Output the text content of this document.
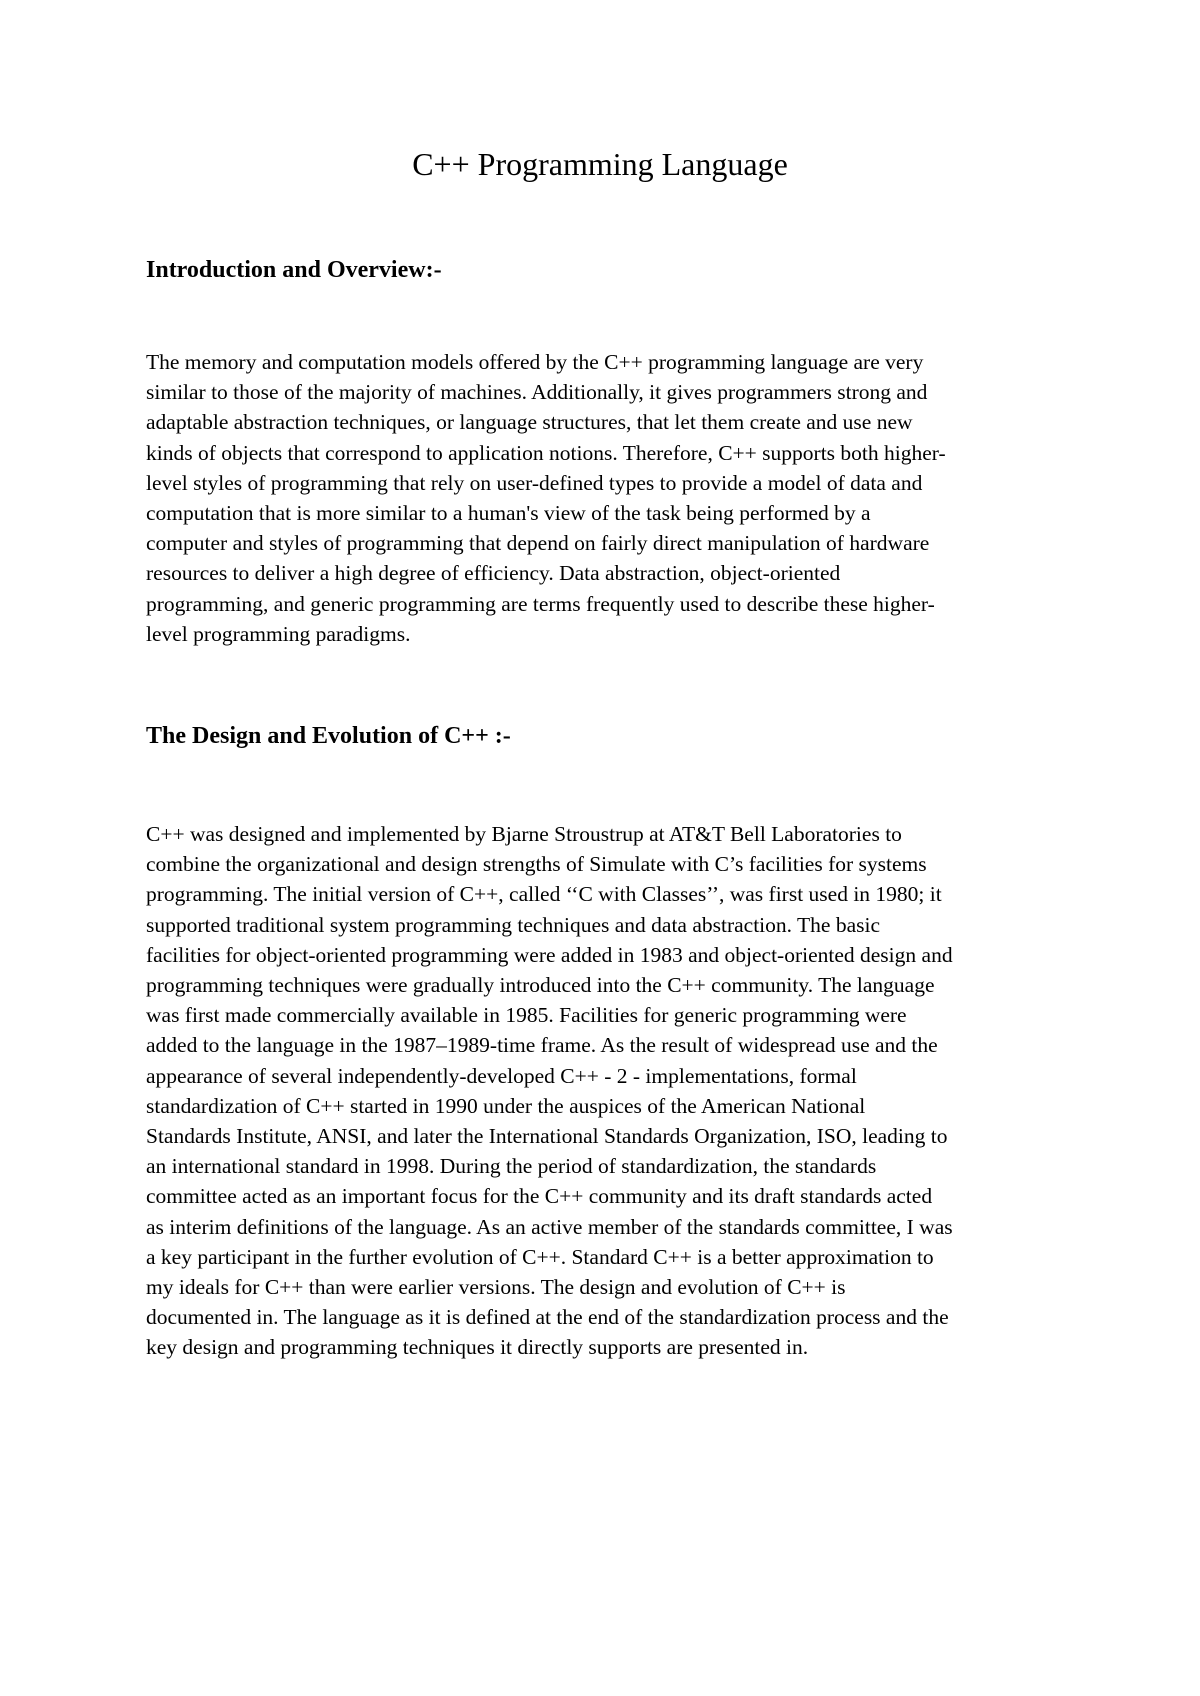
C++ Programming Language
Introduction and Overview:-
The memory and computation models offered by the C++ programming language are very
similar to those of the majority of machines. Additionally, it gives programmers strong and
adaptable abstraction techniques, or language structures, that let them create and use new
kinds of objects that correspond to application notions. Therefore, C++ supports both higher-
level styles of programming that rely on user-defined types to provide a model of data and
computation that is more similar to a human's view of the task being performed by a
computer and styles of programming that depend on fairly direct manipulation of hardware
resources to deliver a high degree of efficiency. Data abstraction, object-oriented
programming, and generic programming are terms frequently used to describe these higher-
level programming paradigms.
The Design and Evolution of C++ :-
C++ was designed and implemented by Bjarne Stroustrup at AT&T Bell Laboratories to
combine the organizational and design strengths of Simulate with C’s facilities for systems
programming. The initial version of C++, called ‘‘C with Classes’’, was first used in 1980; it
supported traditional system programming techniques and data abstraction. The basic
facilities for object-oriented programming were added in 1983 and object-oriented design and
programming techniques were gradually introduced into the C++ community. The language
was first made commercially available in 1985. Facilities for generic programming were
added to the language in the 1987–1989-time frame. As the result of widespread use and the
appearance of several independently-developed C++ - 2 - implementations, formal
standardization of C++ started in 1990 under the auspices of the American National
Standards Institute, ANSI, and later the International Standards Organization, ISO, leading to
an international standard in 1998. During the period of standardization, the standards
committee acted as an important focus for the C++ community and its draft standards acted
as interim definitions of the language. As an active member of the standards committee, I was
a key participant in the further evolution of C++. Standard C++ is a better approximation to
my ideals for C++ than were earlier versions. The design and evolution of C++ is
documented in. The language as it is defined at the end of the standardization process and the
key design and programming techniques it directly supports are presented in.
